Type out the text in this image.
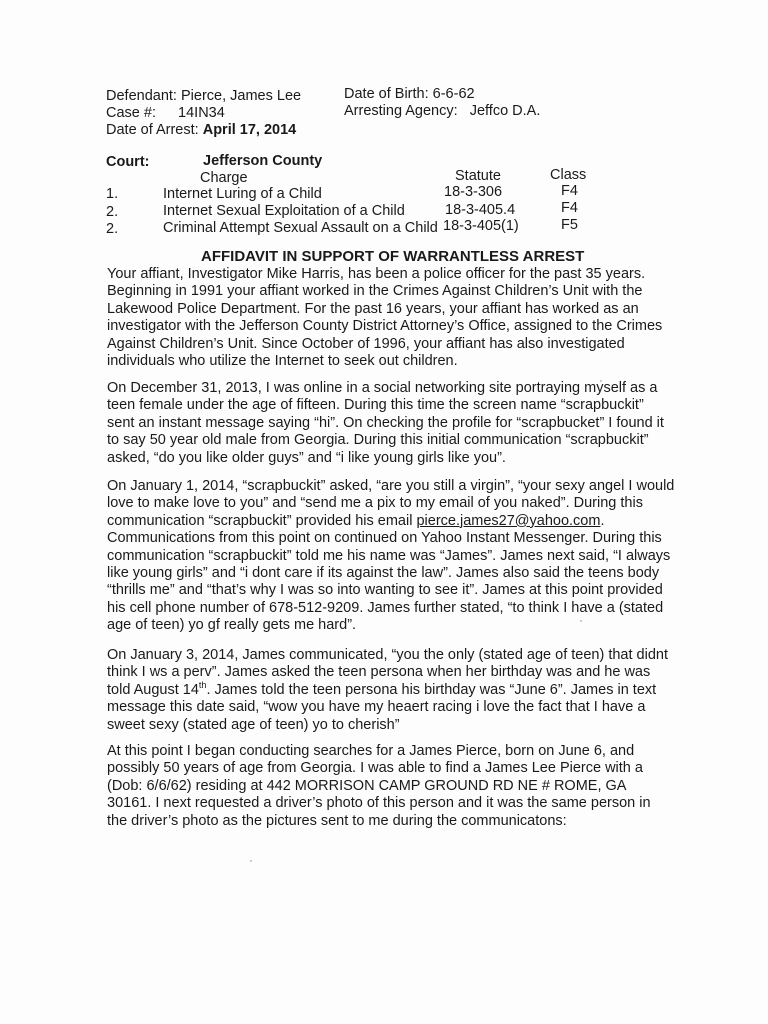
Defendant: Pierce, James Lee	Date of Birth: 6-6-62
Case #: 14IN34	Arresting Agency: Jeffco D.A.
Date of Arrest: April 17, 2014
Court:	Jefferson County
Charge	Statute	Class
1.	Internet Luring of a Child	18-3-306	F4
2.	Internet Sexual Exploitation of a Child	18-3-405.4	F4
2.	Criminal Attempt Sexual Assault on a Child 18-3-405(1)	F5
AFFIDAVIT IN SUPPORT OF WARRANTLESS ARREST

Your affiant, Investigator Mike Harris, has been a police officer for the past 35 years.
Beginning in 1991 your affiant worked in the Crimes Against Children’s Unit with the
Lakewood Police Department. For the past 16 years, your affiant has worked as an
investigator with the Jefferson County District Attorney’s Office, assigned to the Crimes
Against Children’s Unit. Since October of 1996, your affiant has also investigated
individuals who utilize the Internet to seek out children.

On December 31, 2013, I was online in a social networking site portraying myself as a
teen female under the age of fifteen. During this time the screen name “scrapbuckit”
sent an instant message saying “hi”. On checking the profile for “scrapbucket” I found it
to say 50 year old male from Georgia. During this initial communication “scrapbuckit”
asked, “do you like older guys” and “i like young girls like you”.

On January 1, 2014, “scrapbuckit” asked, “are you still a virgin”, “your sexy angel I would
love to make love to you” and “send me a pix to my email of you naked”. During this
communication “scrapbuckit” provided his email pierce.james27@yahoo.com.
Communications from this point on continued on Yahoo Instant Messenger. During this
communication “scrapbuckit” told me his name was “James”. James next said, “I always
like young girls” and “i dont care if its against the law”. James also said the teens body
“thrills me” and “that’s why I was so into wanting to see it”. James at this point provided
his cell phone number of 678-512-9209. James further stated, “to think I have a (stated
age of teen) yo gf really gets me hard”.

On January 3, 2014, James communicated, “you the only (stated age of teen) that didnt
think I ws a perv”. James asked the teen persona when her birthday was and he was
told August 14th. James told the teen persona his birthday was “June 6”. James in text
message this date said, “wow you have my heaert racing i love the fact that I have a
sweet sexy (stated age of teen) yo to cherish”

At this point I began conducting searches for a James Pierce, born on June 6, and
possibly 50 years of age from Georgia. I was able to find a James Lee Pierce with a
(Dob: 6/6/62) residing at 442 MORRISON CAMP GROUND RD NE # ROME, GA
30161. I next requested a driver’s photo of this person and it was the same person in
the driver’s photo as the pictures sent to me during the communicatons:
